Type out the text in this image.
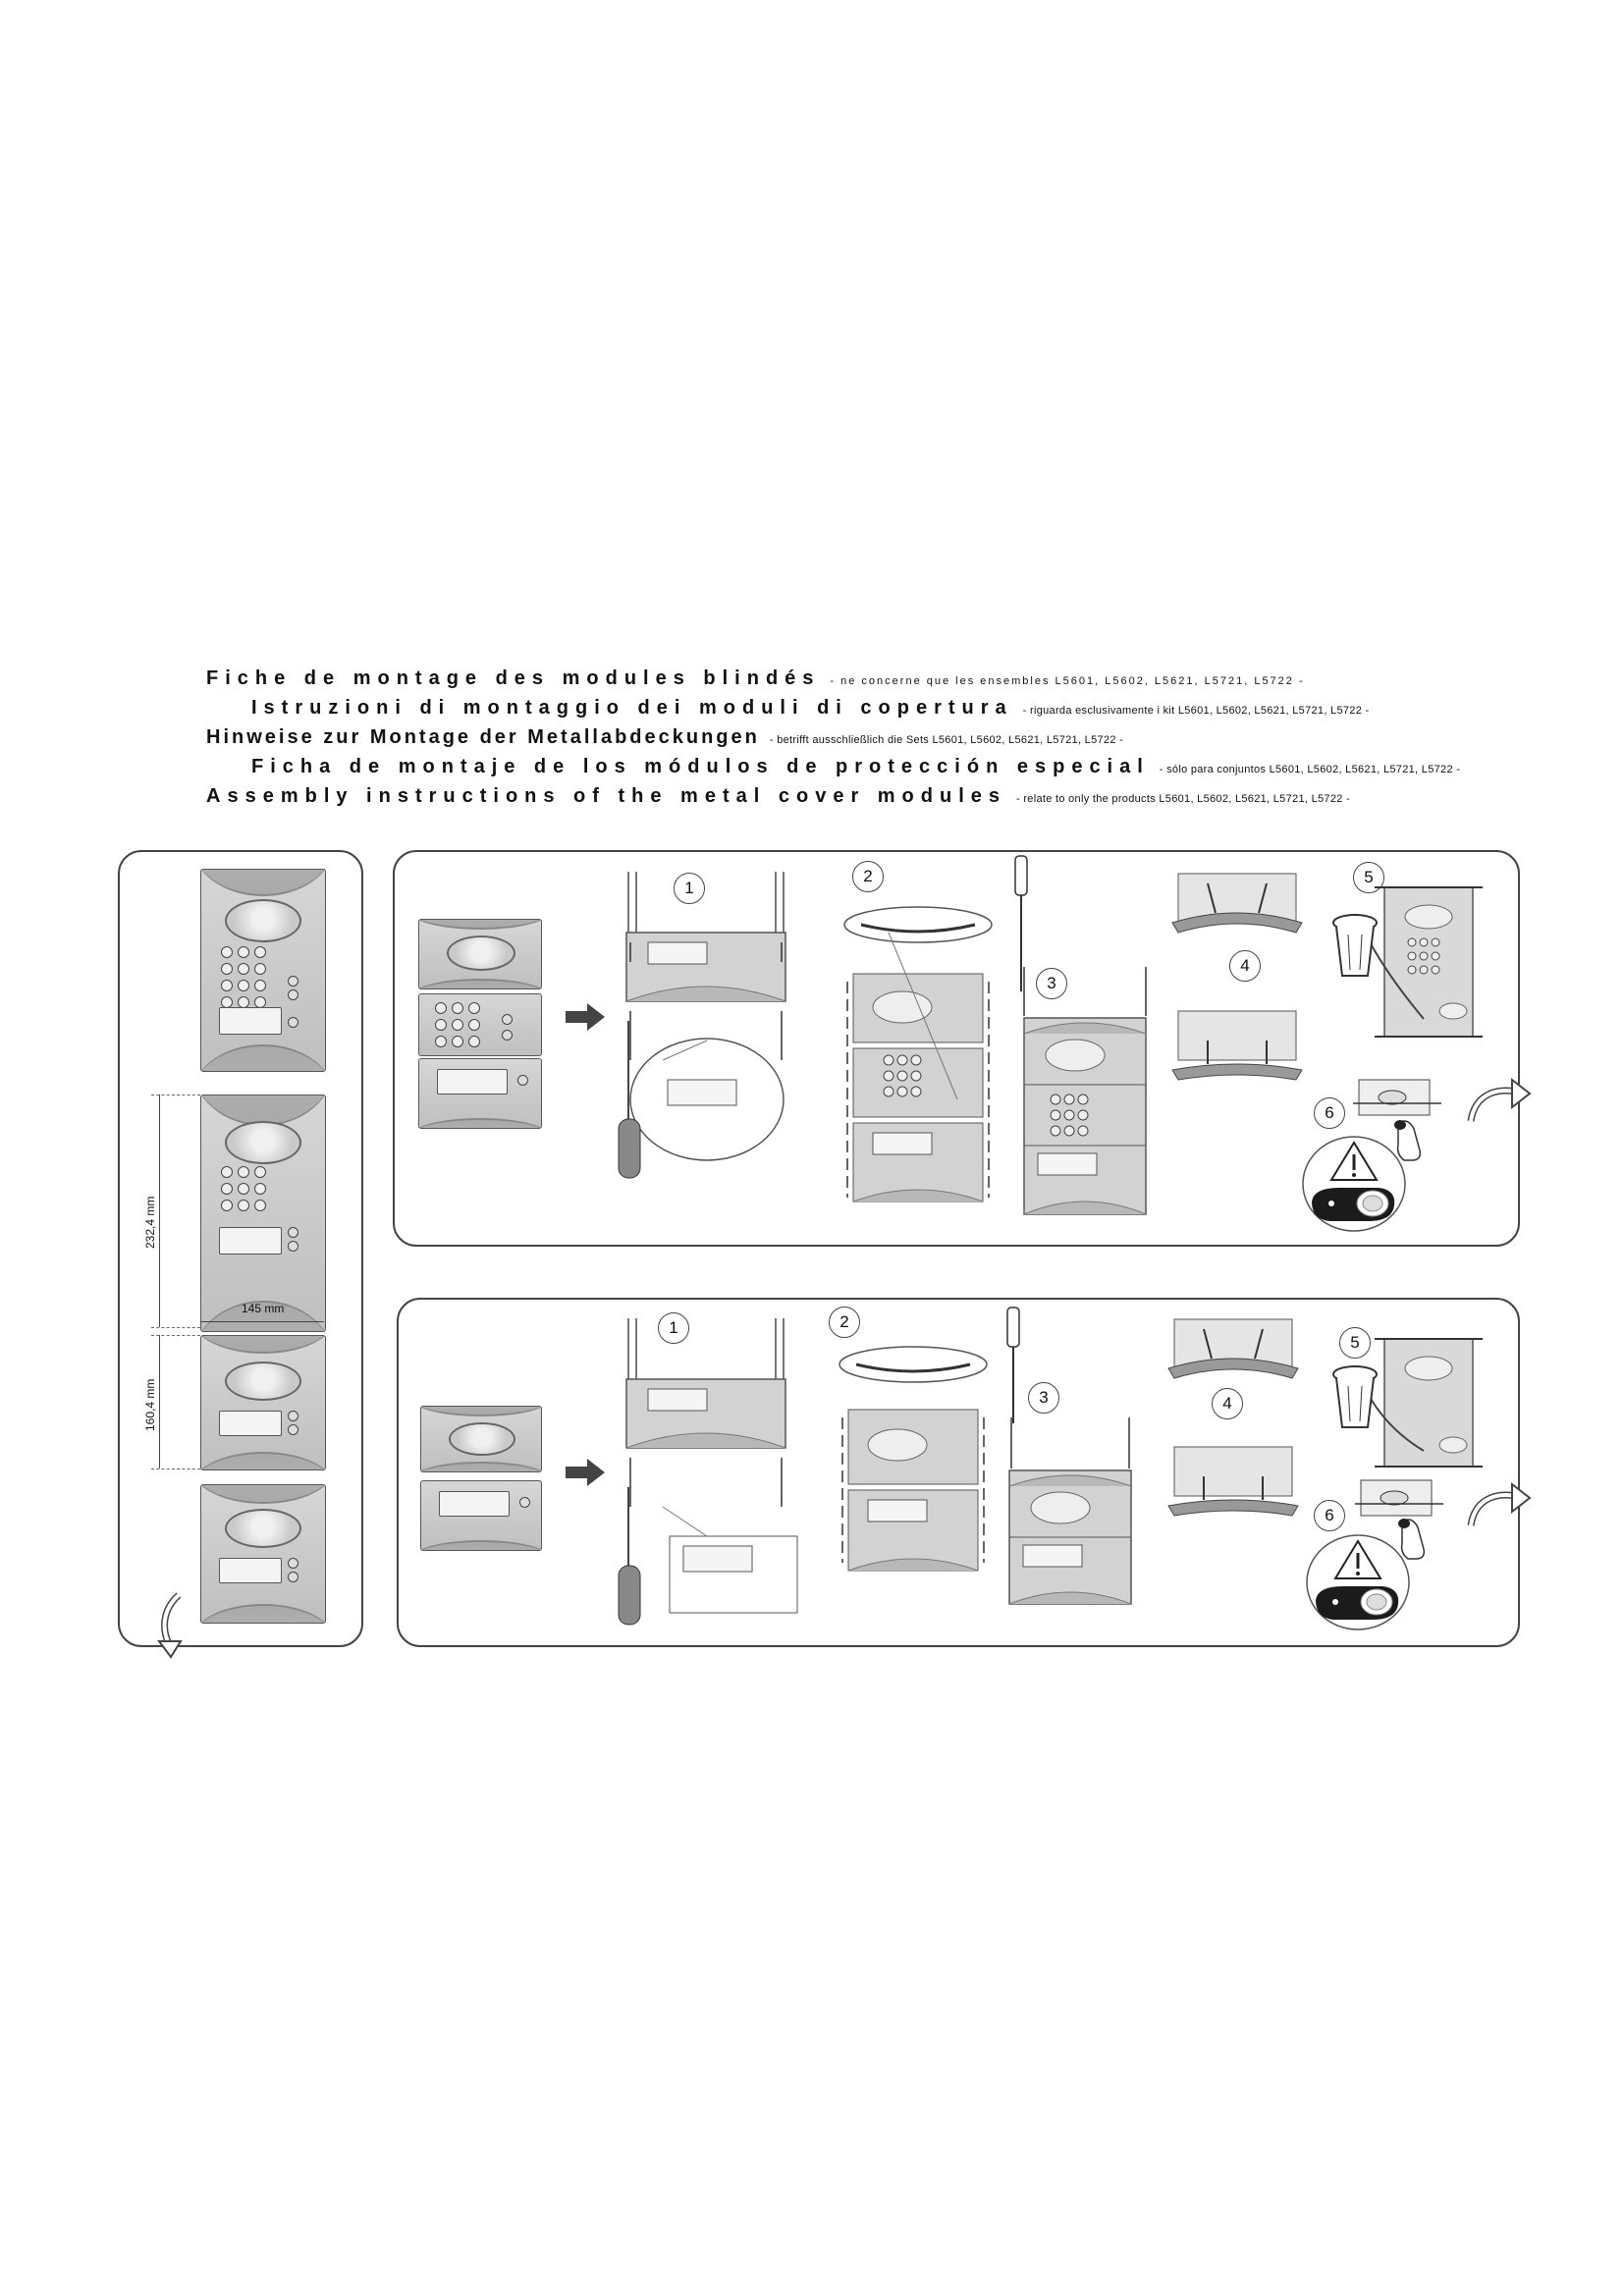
Fiche de montage des modules blindés - ne concerne que les ensembles L5601, L5602, L5621, L5721, L5722 -
Istruzioni di montaggio dei moduli di copertura - riguarda esclusivamente i kit L5601, L5602, L5621, L5721, L5722 -
Hinweise zur Montage der Metallabdeckungen - betrifft ausschließlich die Sets L5601, L5602, L5621, L5721, L5722 -
Ficha de montaje de los módulos de protección especial - sólo para conjuntos L5601, L5602, L5621, L5721, L5722 -
Assembly instructions of the metal cover modules - relate to only the products L5601, L5602, L5621, L5721, L5722 -
232,4 mm
145 mm
160,4 mm
1
2
3
4
5
6
1	2
3	4
5
6
